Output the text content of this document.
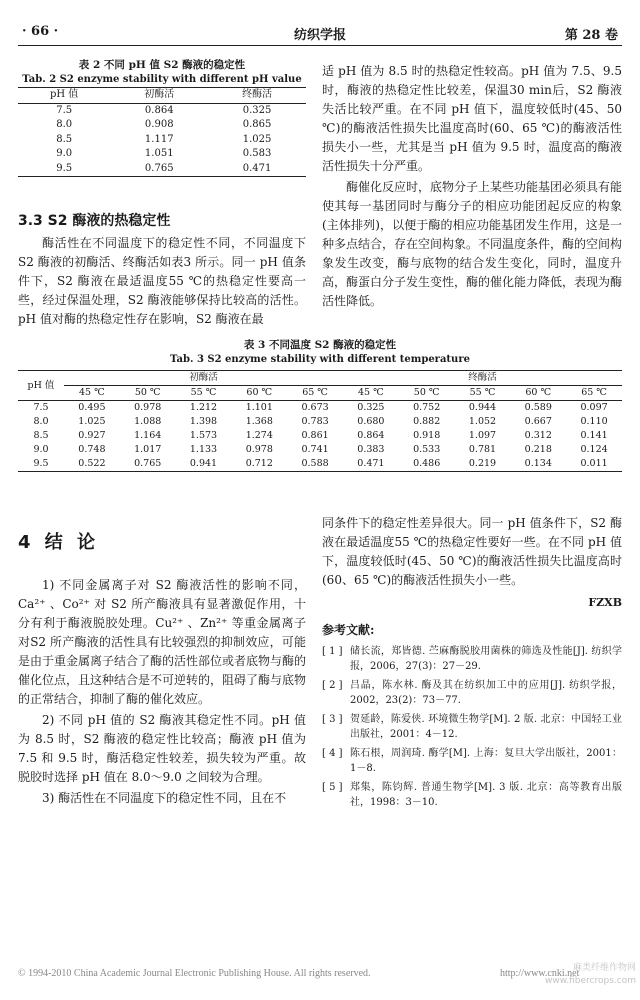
· 66 ·	纺织学报	第 28 卷
表 2 不同 pH 值 S2 酶液的稳定性
Tab. 2 S2 enzyme stability with different pH value
pH 值	初酶活	终酶活
7.5	0.864	0.325
8.0	0.908	0.865
8.5	1.117	1.025
9.0	1.051	0.583
9.5	0.765	0.471
3.3 S2 酶液的热稳定性
酶活性在不同温度下的稳定性不同，不同温度下S2 酶液的初酶活、终酶活如表3 所示。同一 pH 值条件下，S2 酶液在最适温度55 ℃的热稳定性要高一些，经过保温处理，S2 酶液能够保持比较高的活性。pH 值对酶的热稳定性存在影响，S2 酶液在最
适 pH 值为 8.5 时的热稳定性较高。pH 值为 7.5、9.5 时，酶液的热稳定性比较差，保温30 min后，S2 酶液失活比较严重。在不同 pH 值下，温度较低时(45、50 ℃)的酶液活性损失比温度高时(60、65 ℃)的酶液活性损失小一些，尤其是当 pH 值为 9.5 时，温度高的酶液活性损失十分严重。
酶催化反应时，底物分子上某些功能基团必须具有能使其每一基团同时与酶分子的相应功能团起反应的构象(主体排列)，以便于酶的相应功能基团发生作用，这是一种多点结合，存在空间构象。不同温度条件，酶的空间构象发生改变，酶与底物的结合发生变化，同时，温度升高，酶蛋白分子发生变性，酶的催化能力降低，表现为酶活性降低。
表 3 不同温度 S2 酶液的稳定性
Tab. 3 S2 enzyme stability with different temperature
pH 值	初酶活					终酶活				
	45 ℃	50 ℃	55 ℃	60 ℃	65 ℃	45 ℃	50 ℃	55 ℃	60 ℃	65 ℃
7.5	0.495	0.978	1.212	1.101	0.673	0.325	0.752	0.944	0.589	0.097
8.0	1.025	1.088	1.398	1.368	0.783	0.680	0.882	1.052	0.667	0.110
8.5	0.927	1.164	1.573	1.274	0.861	0.864	0.918	1.097	0.312	0.141
9.0	0.748	1.017	1.133	0.978	0.741	0.383	0.533	0.781	0.218	0.124
9.5	0.522	0.765	0.941	0.712	0.588	0.471	0.486	0.219	0.134	0.011
4 结 论
1) 不同金属离子对 S2 酶液活性的影响不同，Ca²⁺ 、Co²⁺ 对 S2 所产酶液具有显著激促作用，十分有利于酶液脱胶处理。Cu²⁺ 、Zn²⁺ 等重金属离子对S2 所产酶液的活性具有比较强烈的抑制效应，可能是由于重金属离子结合了酶的活性部位或者底物与酶的催化位点，且这种结合是不可逆转的，阻碍了酶与底物的正常结合，抑制了酶的催化效应。
2) 不同 pH 值的 S2 酶液其稳定性不同。pH 值为 8.5 时，S2 酶液的稳定性比较高；酶液 pH 值为 7.5 和 9.5 时，酶活稳定性较差，损失较为严重。故脱胶时选择 pH 值在 8.0～9.0 之间较为合理。
3) 酶活性在不同温度下的稳定性不同，且在不
同条件下的稳定性差异很大。同一 pH 值条件下，S2 酶液在最适温度55 ℃的热稳定性要好一些。在不同 pH 值下，温度较低时(45、50 ℃)的酶液活性损失比温度高时(60、65 ℃)的酶液活性损失小一些。
FZXB
参考文献:
[ 1 ] 储长流，郑皆德. 苎麻酶脱胶用菌株的筛选及性能[J]. 纺织学报，2006，27(3)：27－29.
[ 2 ] 吕晶，陈水林. 酶及其在纺织加工中的应用[J]. 纺织学报，2002，23(2)：73－77.
[ 3 ] 贺延龄，陈爱侠. 环境微生物学[M]. 2 版. 北京：中国轻工业出版社，2001：4－12.
[ 4 ] 陈石根，周润琦. 酶学[M]. 上海：复旦大学出版社，2001：1－8.
[ 5 ] 郑集，陈钧辉. 普通生物学[M]. 3 版. 北京：高等教育出版社，1998：3－10.
© 1994-2010 China Academic Journal Electronic Publishing House. All rights reserved.	http://www.cnki.net
麻类纤维作物网
www.fibercrops.com
